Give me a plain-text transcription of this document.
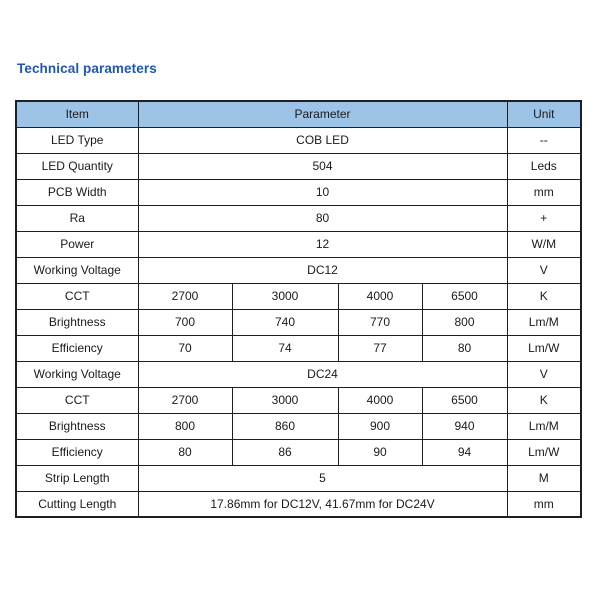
Technical parameters
Item	Parameter				Unit
LED Type	COB LED				--
LED Quantity	504				Leds
PCB Width	10				mm
Ra	80				+
Power	12				W/M
Working Voltage	DC12				V
CCT	2700	3000	4000	6500	K
Brightness	700	740	770	800	Lm/M
Efficiency	70	74	77	80	Lm/W
Working Voltage	DC24				V
CCT	2700	3000	4000	6500	K
Brightness	800	860	900	940	Lm/M
Efficiency	80	86	90	94	Lm/W
Strip Length	5				M
Cutting Length	17.86mm for DC12V, 41.67mm for DC24V				mm
